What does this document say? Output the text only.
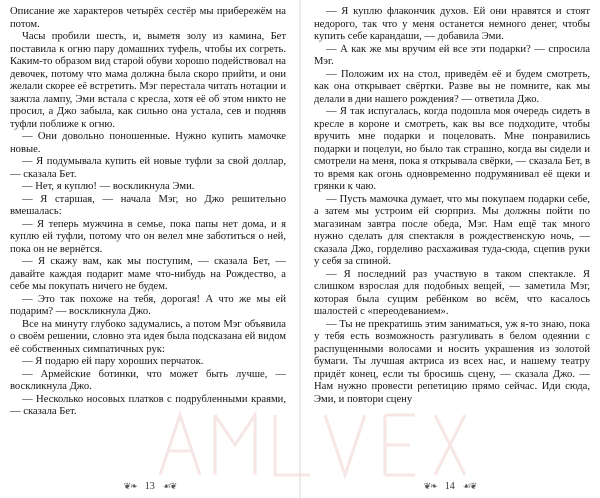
Описание же характеров четырёх сестёр мы прибережём на потом.

Часы пробили шесть, и, выметя золу из камина, Бет поставила к огню пару домашних туфель, чтобы их согреть. Каким-то образом вид старой обуви хорошо подействовал на девочек, потому что мама должна была скоро прийти, и они желали скорее её встретить. Мэг перестала читать нотации и зажгла лампу, Эми встала с кресла, хотя её об этом никто не просил, а Джо забыла, как сильно она устала, сев и подняв туфли поближе к огню.

— Они довольно поношенные. Нужно купить мамочке новые.

— Я подумывала купить ей новые туфли за свой доллар, — сказала Бет.

— Нет, я куплю! — воскликнула Эми.

— Я старшая, — начала Мэг, но Джо решительно вмешалась:

— Я теперь мужчина в семье, пока папы нет дома, и я куплю ей туфли, потому что он велел мне заботиться о ней, пока он не вернётся.

— Я скажу вам, как мы поступим, — сказала Бет, — давайте каждая подарит маме что-нибудь на Рождество, а себе мы покупать ничего не будем.

— Это так похоже на тебя, дорогая! А что же мы ей подарим? — воскликнула Джо.

Все на минуту глубоко задумались, а потом Мэг объявила о своём решении, словно эта идея была подсказана ей видом её собственных симпатичных рук:

— Я подарю ей пару хороших перчаток.

— Армейские ботинки, что может быть лучше, — воскликнула Джо.

— Несколько носовых платков с подрубленными краями, — сказала Бет.

❦❧ 13 ☙❦

— Я куплю флакончик духов. Ей они нравятся и стоят недорого, так что у меня останется немного денег, чтобы купить себе карандаши, — добавила Эми.

— А как же мы вручим ей все эти подарки? — спросила Мэг.

— Положим их на стол, приведём её и будем смотреть, как она открывает свёртки. Разве вы не помните, как мы делали в дни нашего рождения? — ответила Джо.

— Я так испугалась, когда подошла моя очередь сидеть в кресле в короне и смотреть, как вы все подходите, чтобы вручить мне подарки и поцеловать. Мне понравились подарки и поцелуи, но было так страшно, когда вы сидели и смотрели на меня, пока я открывала свёрки, — сказала Бет, в то время как огонь одновременно подрумянивал её щеки и грянки к чаю.

— Пусть мамочка думает, что мы покупаем подарки себе, а затем мы устроим ей сюрприз. Мы должны пойти по магазинам завтра после обеда, Мэг. Нам ещё так много нужно сделать для спектакля в рождественскую ночь, — сказала Джо, гордeливо расхаживая туда-сюда, сцепив руки у себя за спиной.

— Я последний раз участвую в таком спектакле. Я слишком взрослая для подобных вещей, — заметила Мэг, которая была сущим ребёнком во всём, что касалось шалостей с «переодеванием».

— Ты не прекратишь этим заниматься, уж я-то знаю, пока у тебя есть возможность разгуливать в белом одеянии с распущенными волосами и носить украшения из золотой бумаги. Ты лучшая актриса из всех нас, и нашему театру придёт конец, если ты бросишь сцену, — сказала Джо. — Нам нужно провести репетицию прямо сейчас. Иди сюда, Эми, и повтори сцену

❦❧ 14 ☙❦
